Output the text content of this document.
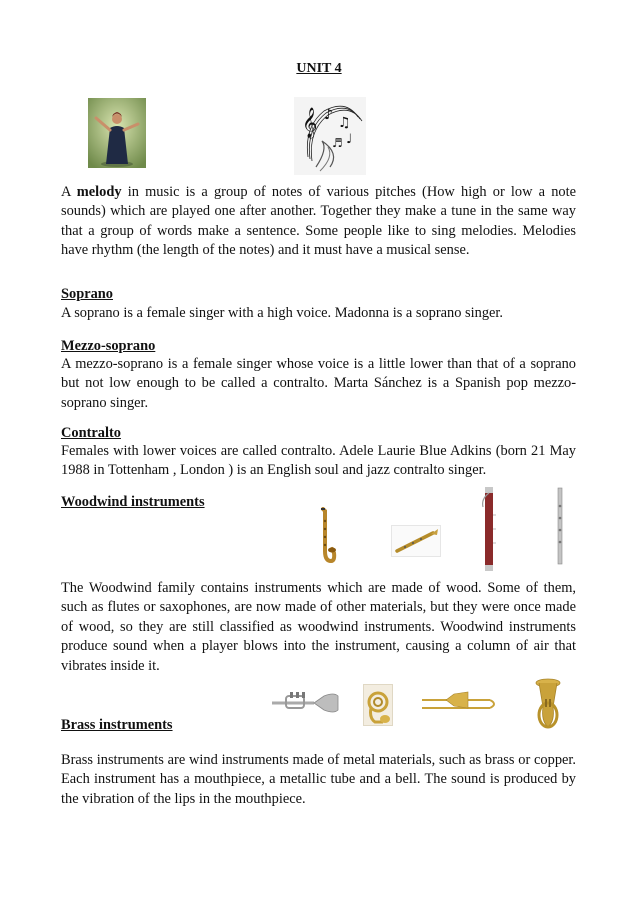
UNIT 4
𝄞 ♪ ♫
♩
♬
A melody in music is a group of notes of various pitches (How high or low a note sounds) which are played one after another. Together they make a tune in the same way that a group of words make a sentence. Some people like to sing melodies. Melodies have rhythm (the length of the notes) and it must have a musical sense.
Soprano
A soprano is a female singer with a high voice. Madonna is a soprano singer.
Mezzo-soprano
A mezzo-soprano is a female singer whose voice is a little lower than that of a soprano but not low enough to be called a contralto. Marta Sánchez is a Spanish pop mezzo-soprano singer.
Contralto
Females with lower voices are called contralto. Adele Laurie Blue Adkins (born 21 May 1988 in Tottenham , London ) is an English soul and jazz contralto singer.
Woodwind instruments
The Woodwind family contains instruments which are made of wood. Some of them, such as flutes or saxophones, are now made of other materials, but they were once made of wood, so they are still classified as woodwind instruments. Woodwind instruments produce sound when a player blows into the instrument, causing a column of air that vibrates inside it.
Brass instruments
Brass instruments are wind instruments made of metal materials, such as brass or copper. Each instrument has a mouthpiece, a metallic tube and a bell. The sound is produced by the vibration of the lips in the mouthpiece.
